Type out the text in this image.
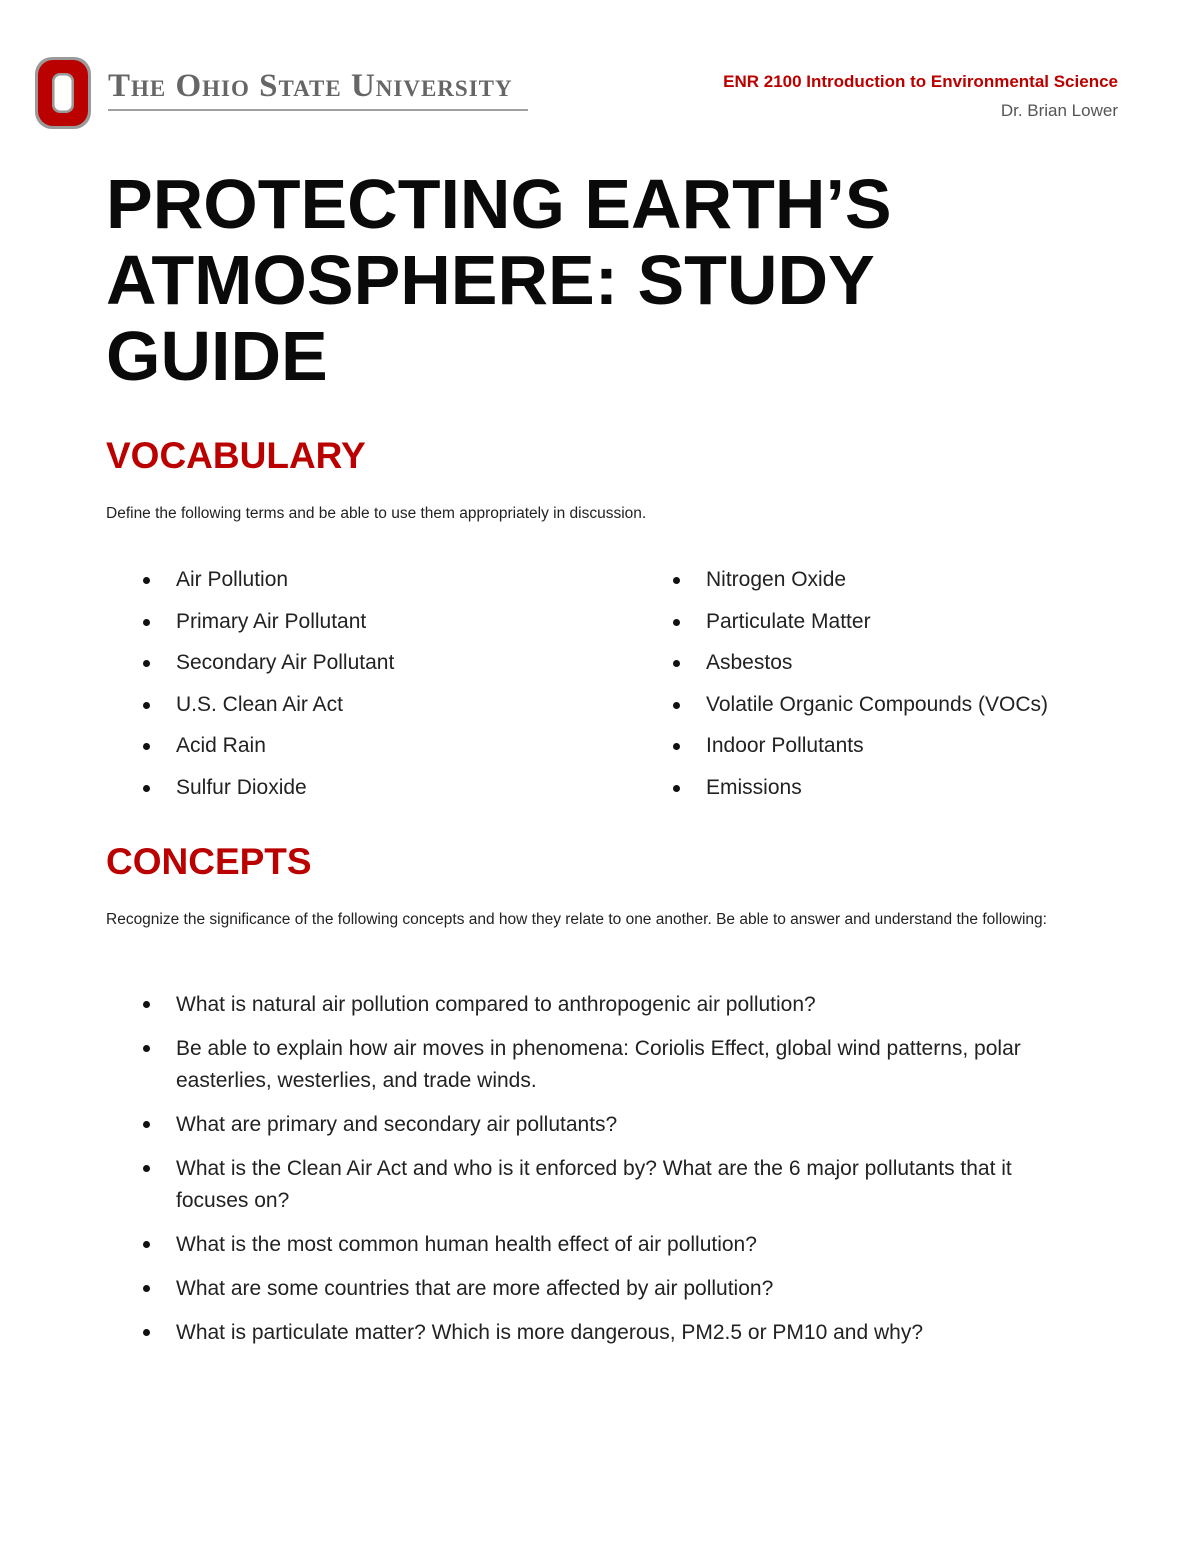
The Ohio State University	ENR 2100 Introduction to Environmental Science
Dr. Brian Lower
PROTECTING EARTH’S ATMOSPHERE: STUDY GUIDE
VOCABULARY

Define the following terms and be able to use them appropriately in discussion.

Air Pollution
Primary Air Pollutant
Secondary Air Pollutant
U.S. Clean Air Act
Acid Rain
Sulfur Dioxide
Nitrogen Oxide
Particulate Matter
Asbestos
Volatile Organic Compounds (VOCs)
Indoor Pollutants
Emissions
CONCEPTS

Recognize the significance of the following concepts and how they relate to one another. Be able to answer and understand the following:

What is natural air pollution compared to anthropogenic air pollution?
Be able to explain how air moves in phenomena: Coriolis Effect, global wind patterns, polar easterlies, westerlies, and trade winds.
What are primary and secondary air pollutants?
What is the Clean Air Act and who is it enforced by? What are the 6 major pollutants that it focuses on?
What is the most common human health effect of air pollution?
What are some countries that are more affected by air pollution?
What is particulate matter? Which is more dangerous, PM2.5 or PM10 and why?
